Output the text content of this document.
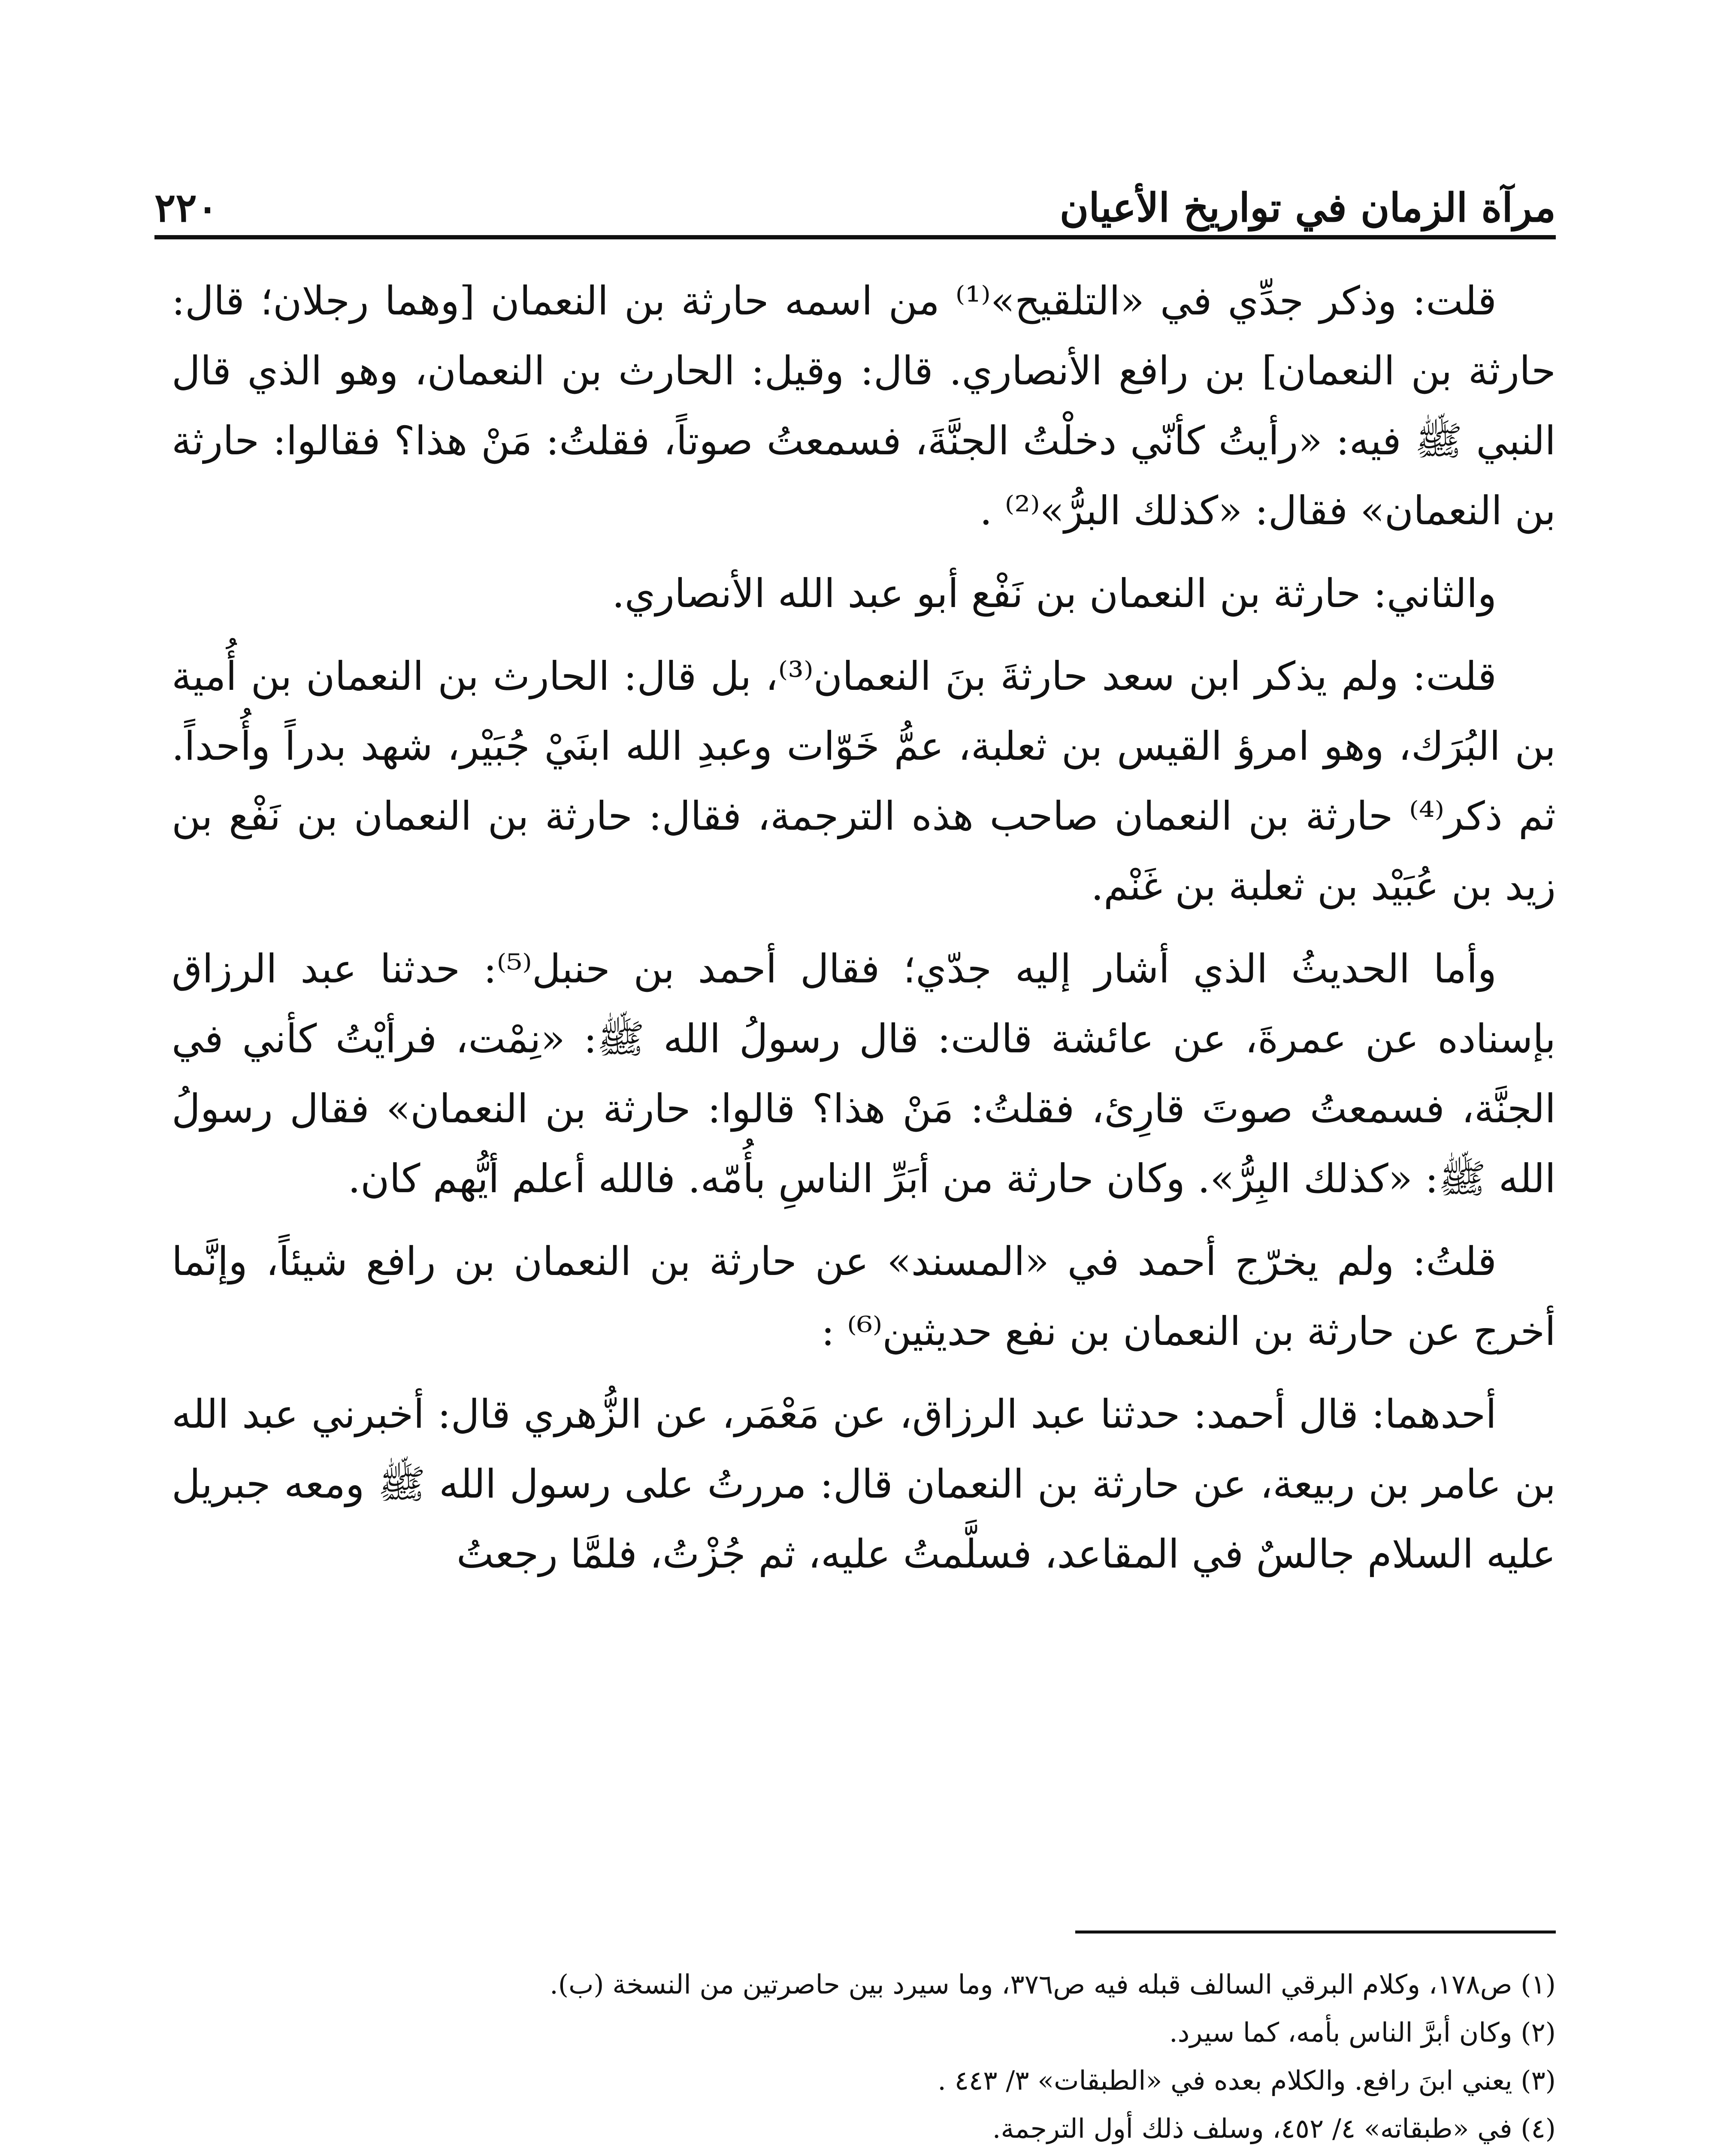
مرآة الزمان في تواريخ الأعيان
٢٢٠

قلت: وذكر جدِّي في «التلقيح»⁽¹⁾ من اسمه حارثة بن النعمان [وهما رجلان؛ قال: حارثة بن النعمان] بن رافع الأنصاري. قال: وقيل: الحارث بن النعمان، وهو الذي قال النبي ﷺ فيه: «رأيتُ كأنّي دخلْتُ الجنَّةَ، فسمعتُ صوتاً، فقلتُ: مَنْ هذا؟ فقالوا: حارثة بن النعمان» فقال: «كذلك البرُّ»⁽²⁾ .

والثاني: حارثة بن النعمان بن نَفْع أبو عبد الله الأنصاري.

قلت: ولم يذكر ابن سعد حارثةَ بنَ النعمان⁽³⁾، بل قال: الحارث بن النعمان بن أُمية بن البُرَك، وهو امرؤ القيس بن ثعلبة، عمُّ خَوّات وعبدِ الله ابنَيْ جُبَيْر، شهد بدراً وأُحداً. ثم ذكر⁽⁴⁾ حارثة بن النعمان صاحب هذه الترجمة، فقال: حارثة بن النعمان بن نَفْع بن زيد بن عُبَيْد بن ثعلبة بن غَنْم.

وأما الحديثُ الذي أشار إليه جدّي؛ فقال أحمد بن حنبل⁽⁵⁾: حدثنا عبد الرزاق بإسناده عن عمرةَ، عن عائشة قالت: قال رسولُ الله ﷺ: «نِمْت، فرأيْتُ كأني في الجنَّة، فسمعتُ صوتَ قارِئ، فقلتُ: مَنْ هذا؟ قالوا: حارثة بن النعمان» فقال رسولُ الله ﷺ: «كذلك البِرُّ». وكان حارثة من أبَرِّ الناسِ بأُمّه. فالله أعلم أيُّهم كان.

قلتُ: ولم يخرّج أحمد في «المسند» عن حارثة بن النعمان بن رافع شيئاً، وإنَّما أخرج عن حارثة بن النعمان بن نفع حديثين⁽⁶⁾ :

أحدهما: قال أحمد: حدثنا عبد الرزاق، عن مَعْمَر، عن الزُّهري قال: أخبرني عبد الله بن عامر بن ربيعة، عن حارثة بن النعمان قال: مررتُ على رسول الله ﷺ ومعه جبريل عليه السلام جالسٌ في المقاعد، فسلَّمتُ عليه، ثم جُزْتُ، فلمَّا رجعتُ

(١) ص١٧٨، وكلام البرقي السالف قبله فيه ص٣٧٦، وما سيرد بين حاصرتين من النسخة (ب).

(٢) وكان أبرَّ الناس بأمه، كما سيرد.

(٣) يعني ابنَ رافع. والكلام بعده في «الطبقات» ٣/ ٤٤٣ .

(٤) في «طبقاته» ٤/ ٤٥٢، وسلف ذلك أول الترجمة.
